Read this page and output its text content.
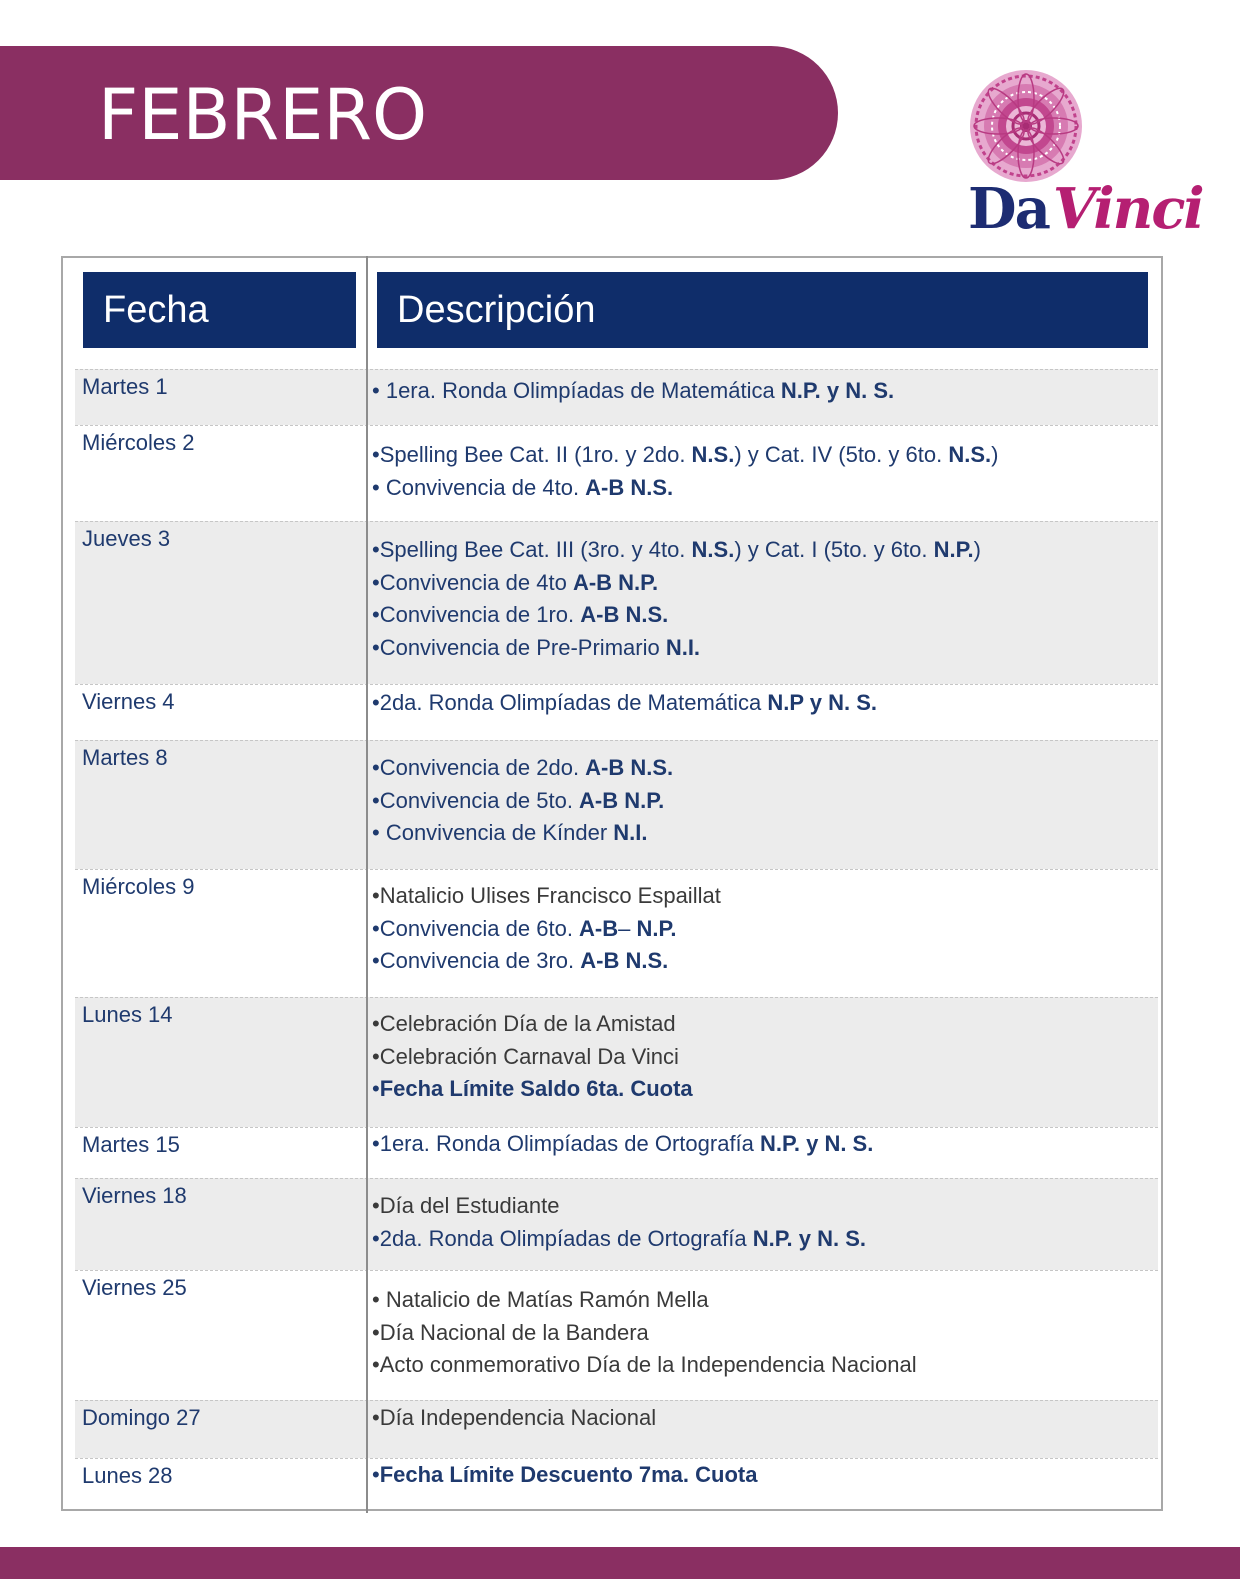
FEBRERO
DaVinci
Fecha	Descripción
Martes 1	• 1era. Ronda Olimpíadas de Matemática N.P. y N. S.
Miércoles 2	•Spelling Bee Cat. II (1ro. y 2do. N.S.) y Cat. IV (5to. y 6to. N.S.)
• Convivencia de 4to. A-B N.S.
Jueves 3	•Spelling Bee Cat. III (3ro. y 4to. N.S.) y Cat. I (5to. y 6to. N.P.)
•Convivencia de 4to A-B N.P.
•Convivencia de 1ro. A-B N.S.
•Convivencia de Pre-Primario N.I.
Viernes 4	•2da. Ronda Olimpíadas de Matemática N.P y N. S.
Martes 8	•Convivencia de 2do. A-B N.S.
•Convivencia de 5to. A-B N.P.
• Convivencia de Kínder N.I.
Miércoles 9	•Natalicio Ulises Francisco Espaillat
•Convivencia de 6to. A-B– N.P.
•Convivencia de 3ro. A-B N.S.
Lunes 14	•Celebración Día de la Amistad
•Celebración Carnaval Da Vinci
•Fecha Límite Saldo 6ta. Cuota
Martes 15	•1era. Ronda Olimpíadas de Ortografía N.P. y N. S.
Viernes 18	•Día del Estudiante
•2da. Ronda Olimpíadas de Ortografía N.P. y N. S.
Viernes 25	• Natalicio de Matías Ramón Mella
•Día Nacional de la Bandera
•Acto conmemorativo Día de la Independencia Nacional
Domingo 27	•Día Independencia Nacional
Lunes 28	•Fecha Límite Descuento 7ma. Cuota
